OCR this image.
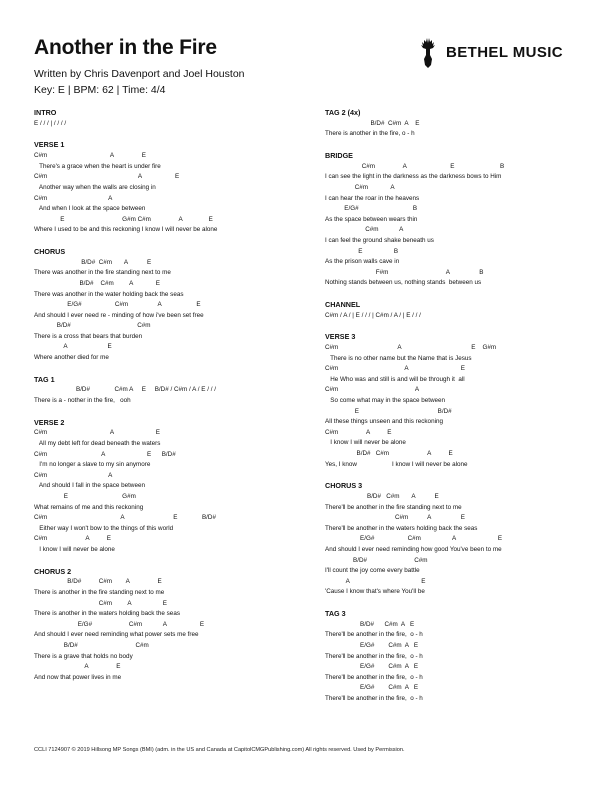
Another in the Fire
Written by Chris Davenport and Joel Houston
Key: E | BPM: 62 | Time: 4/4
BETHEL MUSIC
INTRO
E / / / | / / / /
VERSE 1
C#m                                    A                E
There's a grace when the heart is under fire
C#m                                                    A                   E
Another way when the walls are closing in
C#m                                   A
And when I look at the space between
E                                 G#m C#m                A               E
Where I used to be and this reckoning I know I will never be alone
CHORUS
B/D#  C#m       A           E
There was another in the fire standing next to me
B/D#    C#m         A             E
There was another in the water holding back the seas
E/G#                   C#m                 A                    E
And should I ever need re - minding of how i've been set free
B/D#                                      C#m
There is a cross that bears that burden
A                       E
Where another died for me
TAG 1
B/D#              C#m A     E     B/D# / C#m / A / E / / /
There is a - nother in the fire,   ooh
VERSE 2
C#m                                    A                        E
All my debt left for dead beneath the waters
C#m                               A                        E      B/D#
I'm no longer a slave to my sin anymore
C#m                                   A
And should I fall in the space between
E                               G#m
What remains of me and this reckoning
C#m                                          A                            E              B/D#
Either way I won't bow to the things of this world
C#m                      A          E
I know I will never be alone
CHORUS 2
B/D#          C#m        A                E
There is another in the fire standing next to me
C#m         A                  E
There is another in the waters holding back the seas
E/G#                     C#m            A                   E
And should I ever need reminding what power sets me free
B/D#                                 C#m
There is a grave that holds no body
A                E
And now that power lives in me
TAG 2 (4x)
B/D#  C#m  A    E
There is another in the fire, o - h
BRIDGE
C#m                A                         E                          B
I can see the light in the darkness as the darkness bows to Him
C#m             A
I can hear the roar in the heavens
E/G#                               B
As the space between wears thin
C#m            A
I can feel the ground shake beneath us
E                  B
As the prison walls cave in
F#m                                 A                 B
Nothing stands between us, nothing stands  between us
CHANNEL
C#m / A / | E / / / | C#m / A / | E / / /
VERSE 3
C#m                                  A                                        E    G#m
There is no other name but the Name that is Jesus
C#m                                      A                              E
He Who was and still is and will be through it  all
C#m                                            A
So come what may in the space between
E                                             B/D#
All these things unseen and this reckoning
C#m                A          E
I know I will never be alone
B/D#   C#m                      A          E
Yes, I know                    I know I will never be alone
CHORUS 3
B/D#   C#m       A           E
There'll be another in the fire standing next to me
C#m           A                 E
There'll be another in the waters holding back the seas
E/G#                   C#m                  A                        E
And should I ever need reminding how good You've been to me
B/D#                           C#m
I'll count the joy come every battle
A                                         E
'Cause I know that's where You'll be
TAG 3
B/D#      C#m  A   E
There'll be another in the fire,  o - h
E/G#        C#m  A   E
There'll be another in the fire,  o - h
E/G#        C#m  A   E
There'll be another in the fire,  o - h
E/G#        C#m  A   E
There'll be another in the fire,  o - h
CCLI 7124907 © 2019 Hillsong MP Songs (BMI) (adm. in the US and Canada at CapitolCMGPublishing.com) All rights reserved. Used by Permission.
